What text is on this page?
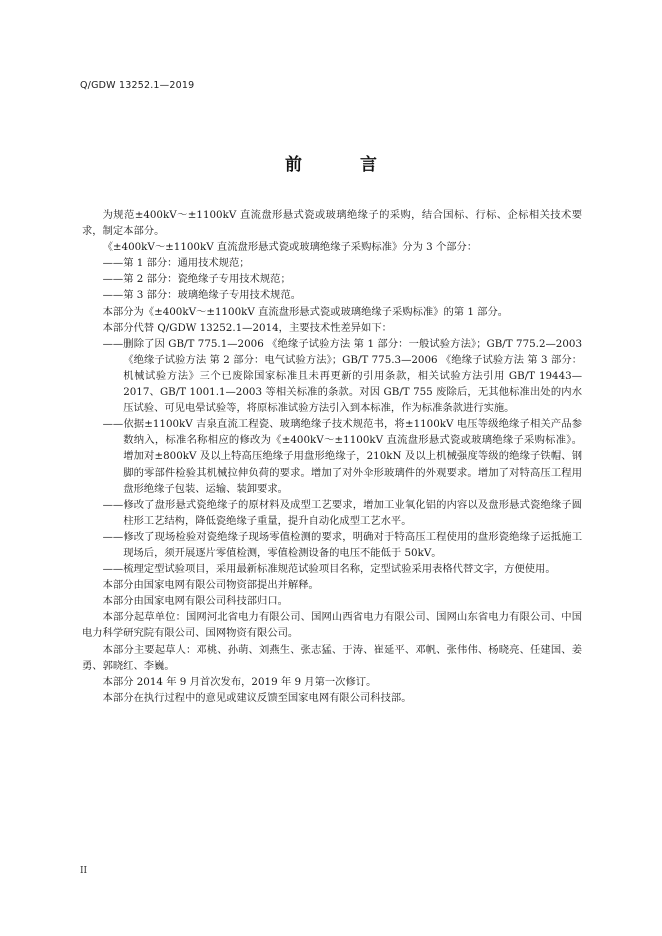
Q/GDW 13252.1—2019
前 言

为规范±400kV～±1100kV 直流盘形悬式瓷或玻璃绝缘子的采购，结合国标、行标、企标相关技术要求，制定本部分。

《±400kV～±1100kV 直流盘形悬式瓷或玻璃绝缘子采购标准》分为 3 个部分：

——第 1 部分：通用技术规范；

——第 2 部分：瓷绝缘子专用技术规范；

——第 3 部分：玻璃绝缘子专用技术规范。

本部分为《±400kV～±1100kV 直流盘形悬式瓷或玻璃绝缘子采购标准》的第 1 部分。

本部分代替 Q/GDW 13252.1—2014，主要技术性差异如下：

——删除了因 GB/T 775.1—2006 《绝缘子试验方法 第 1 部分：一般试验方法》；GB/T 775.2—2003 《绝缘子试验方法 第 2 部分：电气试验方法》；GB/T 775.3—2006 《绝缘子试验方法 第 3 部分：机械试验方法》三个已废除国家标准且未再更新的引用条款，相关试验方法引用 GB/T 19443—2017、GB/T 1001.1—2003 等相关标准的条款。对因 GB/T 755 废除后，无其他标准出处的内水压试验、可见电晕试验等，将原标准试验方法引入到本标准，作为标准条款进行实施。

——依据±1100kV 吉泉直流工程瓷、玻璃绝缘子技术规范书，将±1100kV 电压等级绝缘子相关产品参数纳入，标准名称相应的修改为《±400kV～±1100kV 直流盘形悬式瓷或玻璃绝缘子采购标准》。增加对±800kV 及以上特高压绝缘子用盘形绝缘子，210kN 及以上机械强度等级的绝缘子铁帽、钢脚的零部件检验其机械拉伸负荷的要求。增加了对外伞形玻璃件的外观要求。增加了对特高压工程用盘形绝缘子包装、运输、装卸要求。

——修改了盘形悬式瓷绝缘子的原材料及成型工艺要求，增加工业氧化铝的内容以及盘形悬式瓷绝缘子圆柱形工艺结构，降低瓷绝缘子重量，提升自动化成型工艺水平。

——修改了现场检验对瓷绝缘子现场零值检测的要求，明确对于特高压工程使用的盘形瓷绝缘子运抵施工现场后，须开展逐片零值检测，零值检测设备的电压不能低于 50kV。

——梳理定型试验项目，采用最新标准规范试验项目名称，定型试验采用表格代替文字，方便使用。

本部分由国家电网有限公司物资部提出并解释。

本部分由国家电网有限公司科技部归口。

本部分起草单位：国网河北省电力有限公司、国网山西省电力有限公司、国网山东省电力有限公司、中国电力科学研究院有限公司、国网物资有限公司。

本部分主要起草人：邓桃、孙萌、刘燕生、张志猛、于涛、崔延平、邓帆、张伟伟、杨晓亮、任建国、姜勇、郭晓红、李巍。

本部分 2014 年 9 月首次发布，2019 年 9 月第一次修订。

本部分在执行过程中的意见或建议反馈至国家电网有限公司科技部。

II
